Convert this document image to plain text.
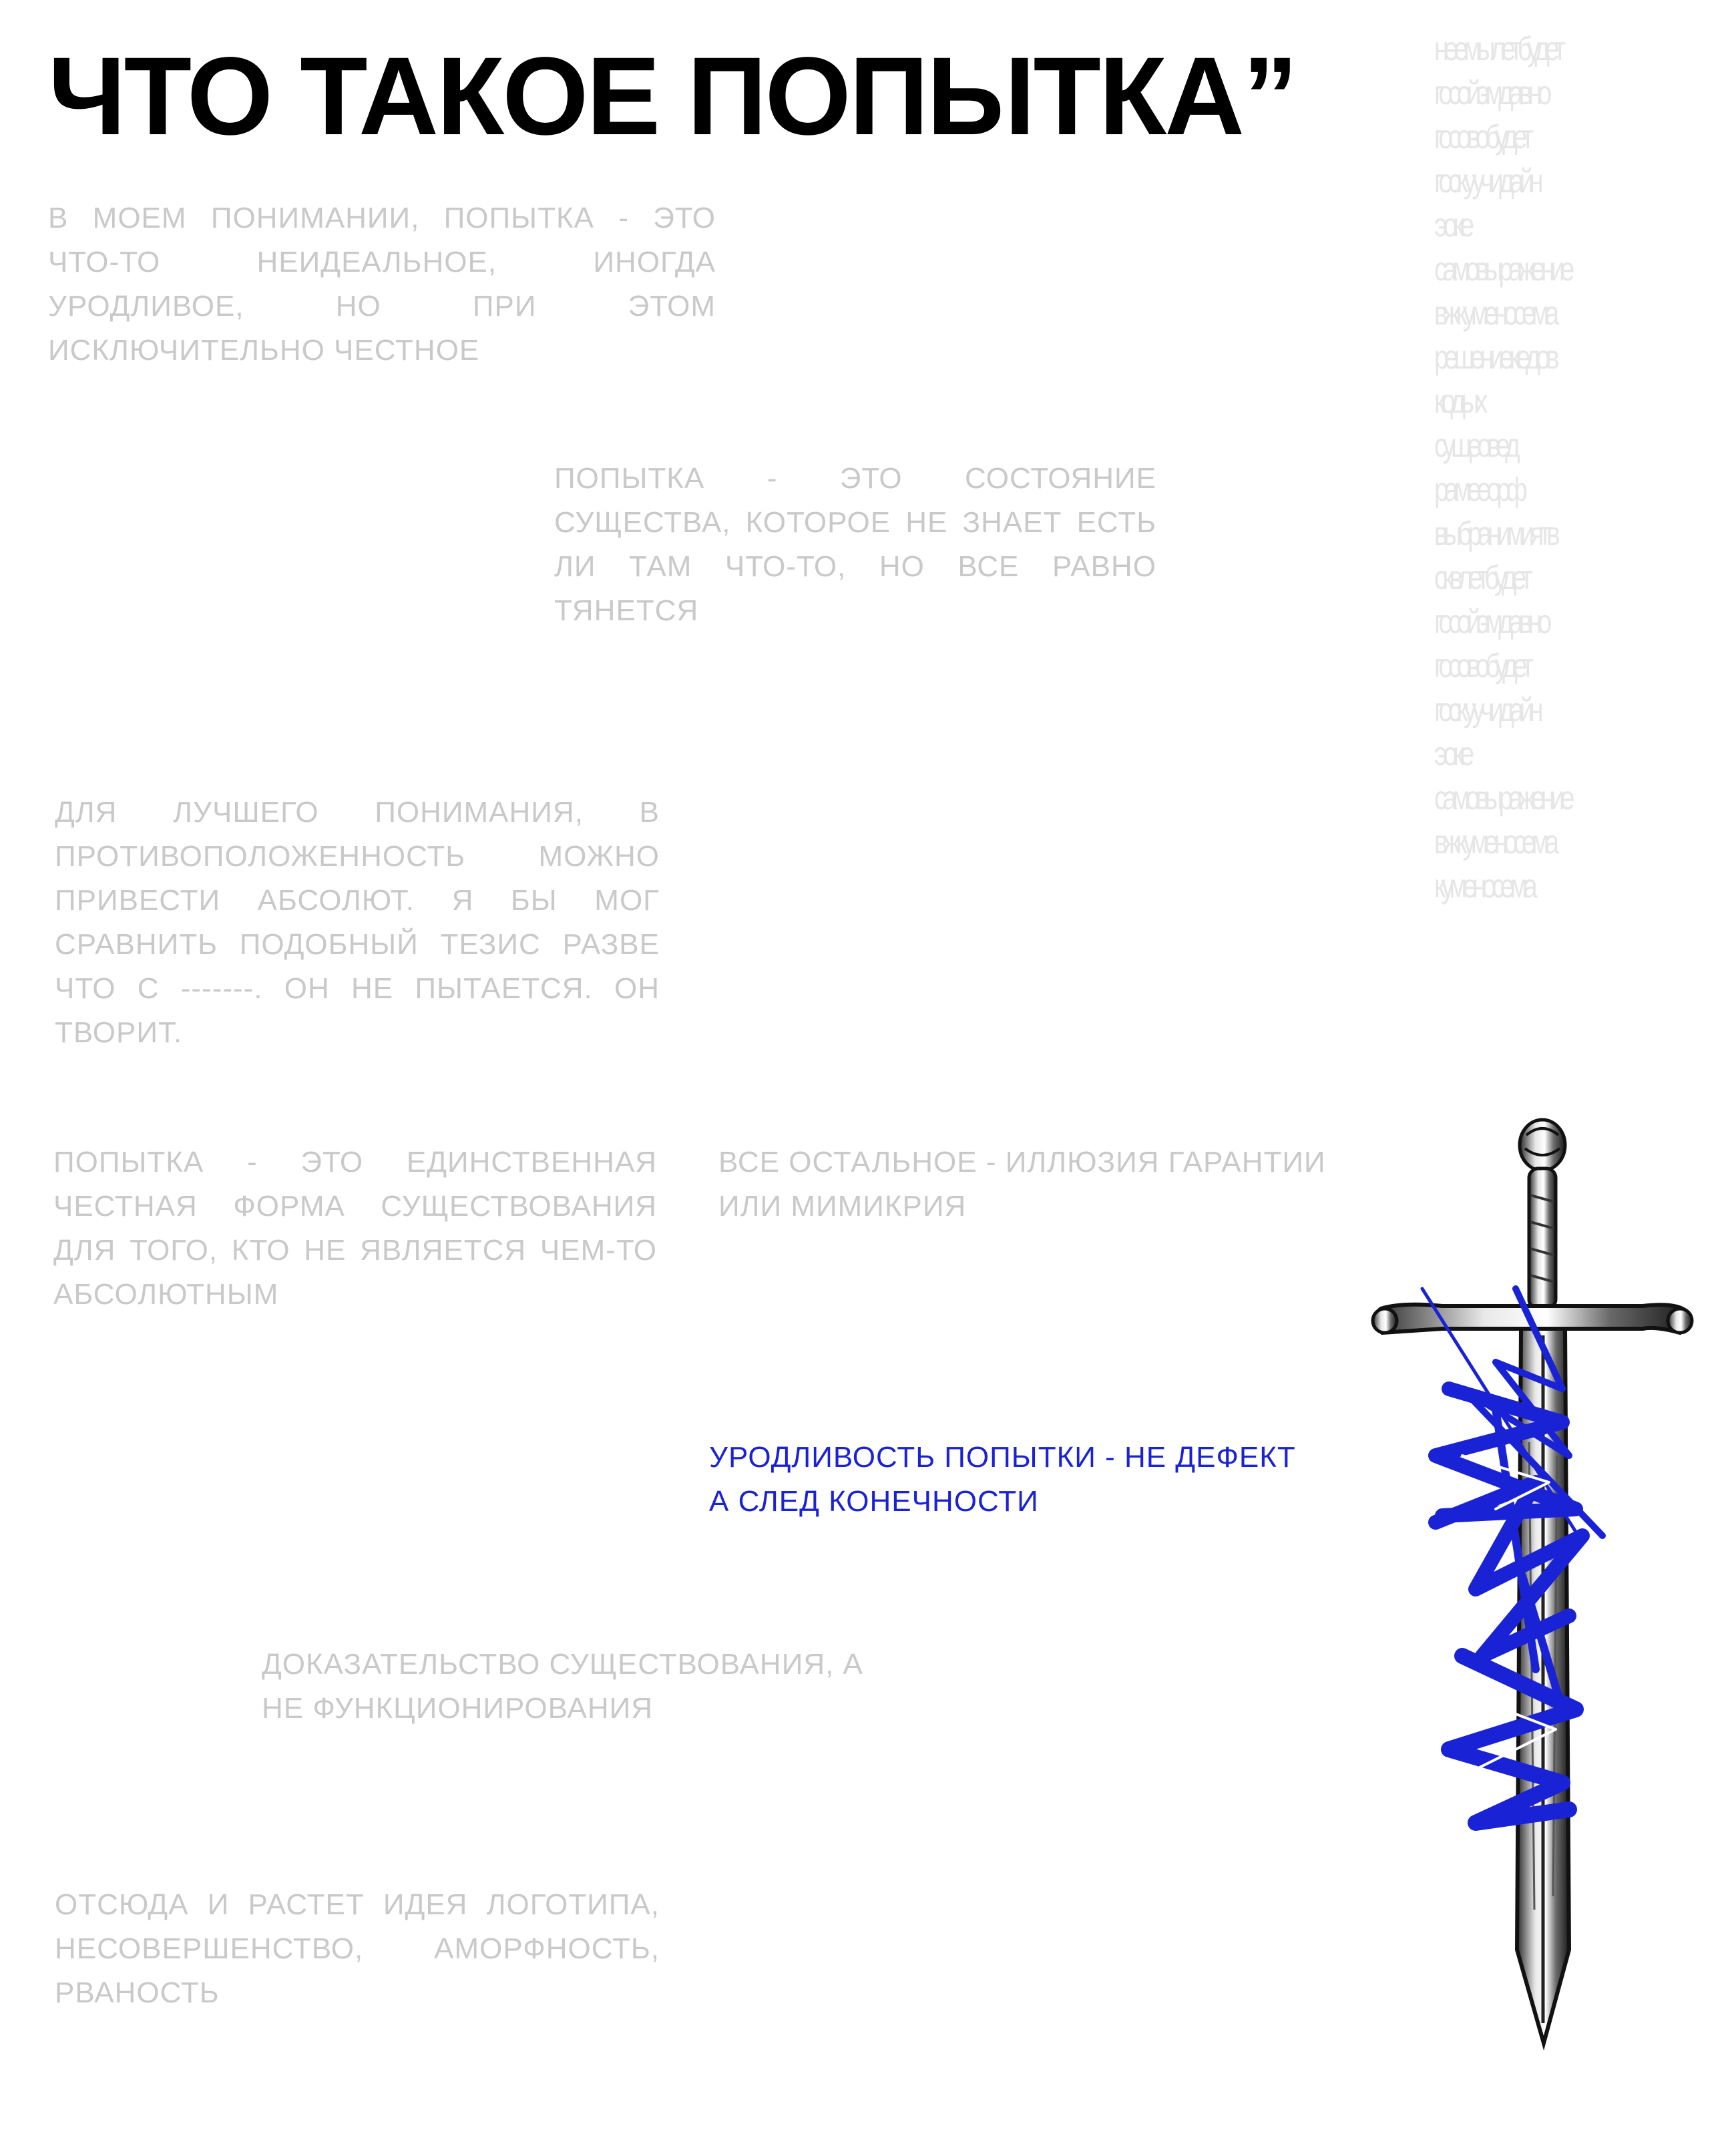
ЧТО ТАКОЕ ПОПЫТКА”

В МОЕМ ПОНИМАНИИ, ПОПЫТКА - ЭТО ЧТО-ТО НЕИДЕАЛЬНОЕ, ИНОГДА УРОДЛИВОЕ, НО ПРИ ЭТОМ ИСКЛЮЧИТЕЛЬНО ЧЕСТНОЕ

ПОПЫТКА - ЭТО СОСТОЯНИЕ СУЩЕСТВА, КОТОРОЕ НЕ ЗНАЕТ ЕСТЬ ЛИ ТАМ ЧТО-ТО, НО ВСЕ РАВНО ТЯНЕТСЯ

ДЛЯ ЛУЧШЕГО ПОНИМАНИЯ, В ПРОТИВОПОЛОЖЕННОСТЬ МОЖНО ПРИВЕСТИ АБСОЛЮТ. Я БЫ МОГ СРАВНИТЬ ПОДОБНЫЙ ТЕЗИС РАЗВЕ ЧТО С -------. ОН НЕ ПЫТАЕТСЯ. ОН ТВОРИТ.

ПОПЫТКА - ЭТО ЕДИНСТВЕННАЯ ЧЕСТНАЯ ФОРМА СУЩЕСТВОВАНИЯ ДЛЯ ТОГО, КТО НЕ ЯВЛЯЕТСЯ ЧЕМ-ТО АБСОЛЮТНЫМ

ВСЕ ОСТАЛЬНОЕ - ИЛЛЮЗИЯ ГАРАНТИИ ИЛИ МИМИКРИЯ

УРОДЛИВОСТЬ ПОПЫТКИ - НЕ ДЕФЕКТ А СЛЕД КОНЕЧНОСТИ

ДОКАЗАТЕЛЬСТВО СУЩЕСТВОВАНИЯ, А НЕ ФУНКЦИОНИРОВАНИЯ

ОТСЮДА И РАСТЕТ ИДЕЯ ЛОГОТИПА, НЕСОВЕРШЕНСТВО, АМОРФНОСТЬ, РВАНОСТЬ

неемылетбудет
госойэмдавно
госовобудет
госкуучидайн
эоке
самовыражение
вжкуменосема
решениекедов
кодых
сущеовед
рамееорф
выбранимиятв
сквлетбудет
госойэмдавно
госовобудет
госкуучидайн
эоке
самовыражение
вжкуменосема
куменосема
